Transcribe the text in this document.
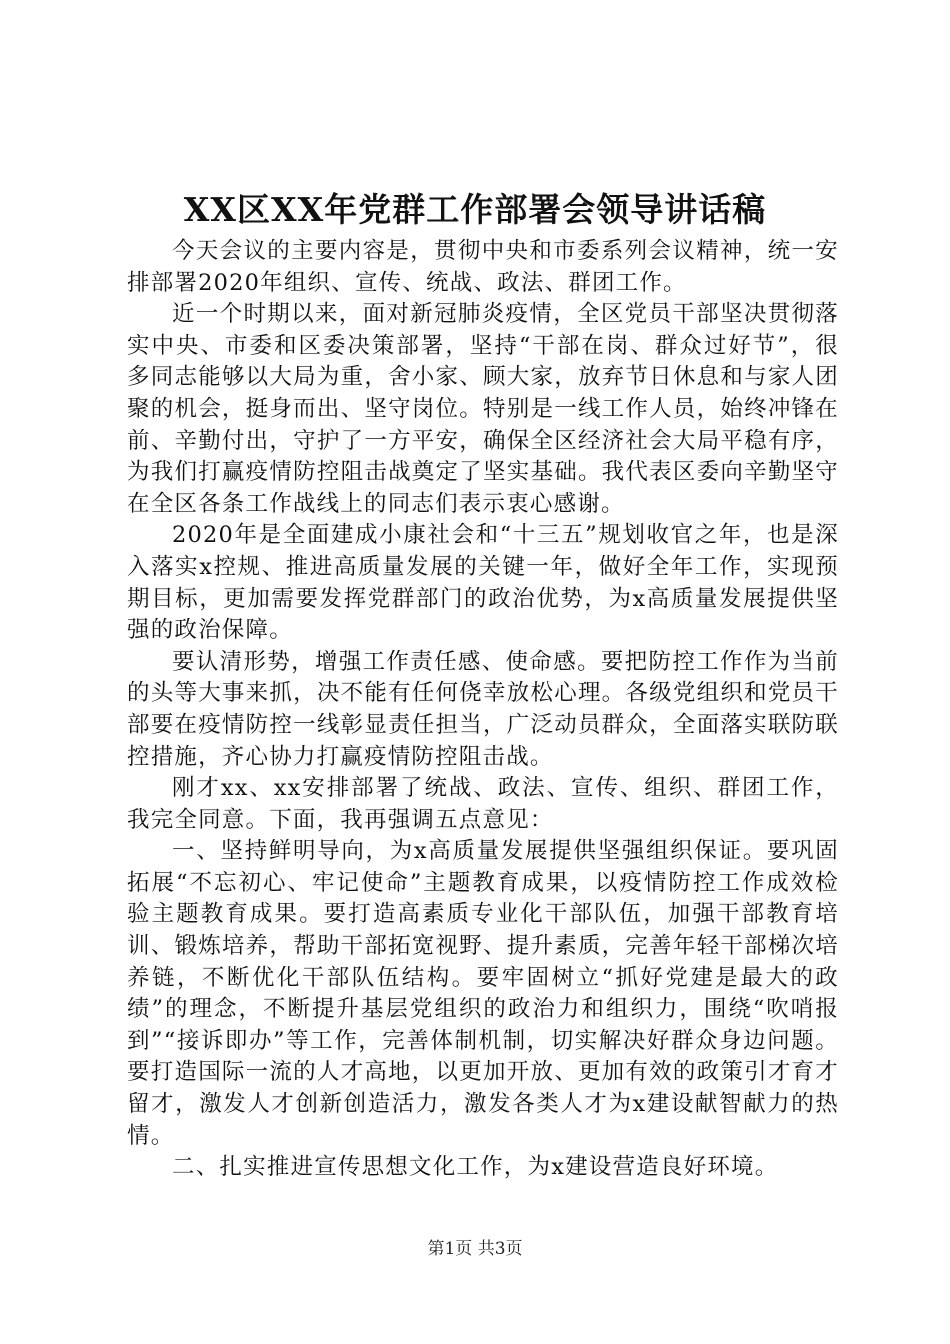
XX区XX年党群工作部署会领导讲话稿

今天会议的主要内容是，贯彻中央和市委系列会议精神，统一安排部署2020年组织、宣传、统战、政法、群团工作。

近一个时期以来，面对新冠肺炎疫情，全区党员干部坚决贯彻落实中央、市委和区委决策部署，坚持“干部在岗、群众过好节”，很多同志能够以大局为重，舍小家、顾大家，放弃节日休息和与家人团聚的机会，挺身而出、坚守岗位。特别是一线工作人员，始终冲锋在前、辛勤付出，守护了一方平安，确保全区经济社会大局平稳有序，为我们打赢疫情防控阻击战奠定了坚实基础。我代表区委向辛勤坚守在全区各条工作战线上的同志们表示衷心感谢。

2020年是全面建成小康社会和“十三五”规划收官之年，也是深入落实x控规、推进高质量发展的关键一年，做好全年工作，实现预期目标，更加需要发挥党群部门的政治优势，为x高质量发展提供坚强的政治保障。

要认清形势，增强工作责任感、使命感。要把防控工作作为当前的头等大事来抓，决不能有任何侥幸放松心理。各级党组织和党员干部要在疫情防控一线彰显责任担当，广泛动员群众，全面落实联防联控措施，齐心协力打赢疫情防控阻击战。

刚才xx、xx安排部署了统战、政法、宣传、组织、群团工作，我完全同意。下面，我再强调五点意见：

一、坚持鲜明导向，为x高质量发展提供坚强组织保证。要巩固拓展“不忘初心、牢记使命”主题教育成果，以疫情防控工作成效检验主题教育成果。要打造高素质专业化干部队伍，加强干部教育培训、锻炼培养，帮助干部拓宽视野、提升素质，完善年轻干部梯次培养链，不断优化干部队伍结构。要牢固树立“抓好党建是最大的政绩”的理念，不断提升基层党组织的政治力和组织力，围绕“吹哨报到”“接诉即办”等工作，完善体制机制，切实解决好群众身边问题。要打造国际一流的人才高地，以更加开放、更加有效的政策引才育才留才，激发人才创新创造活力，激发各类人才为x建设献智献力的热情。

二、扎实推进宣传思想文化工作，为x建设营造良好环境。

第1页 共3页
